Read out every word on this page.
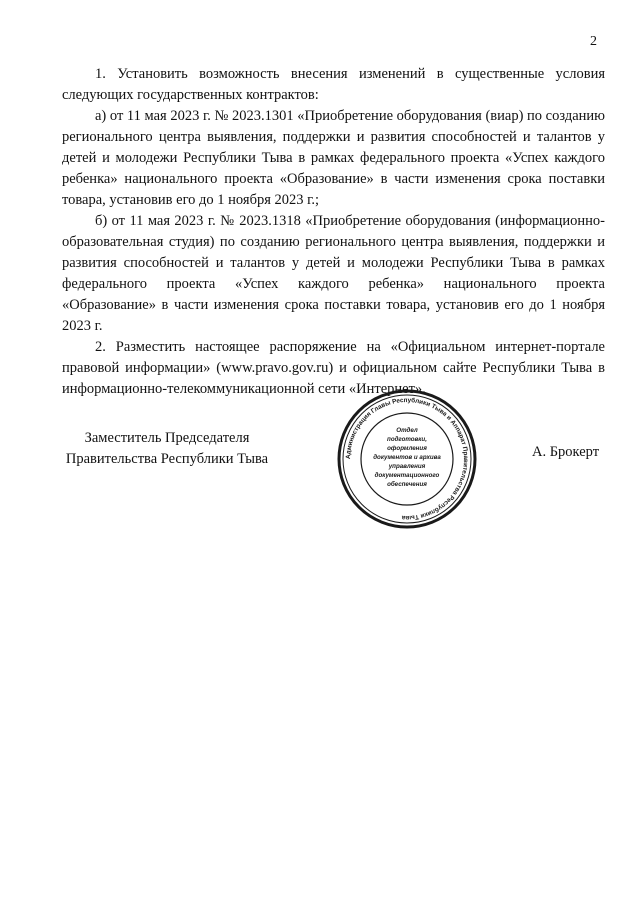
2

1. Установить возможность внесения изменений в существенные условия следующих государственных контрактов:

а) от 11 мая 2023 г. № 2023.1301 «Приобретение оборудования (виар) по созданию регионального центра выявления, поддержки и развития способностей и талантов у детей и молодежи Республики Тыва в рамках федерального проекта «Успех каждого ребенка» национального проекта «Образование» в части изменения срока поставки товара, установив его до 1 ноября 2023 г.;

б) от 11 мая 2023 г. № 2023.1318 «Приобретение оборудования (информационно-образовательная студия) по созданию регионального центра выявления, поддержки и развития способностей и талантов у детей и молодежи Республики Тыва в рамках федерального проекта «Успех каждого ребенка» национального проекта «Образование» в части изменения срока поставки товара, установив его до 1 ноября 2023 г.

2. Разместить настоящее распоряжение на «Официальном интернет-портале правовой информации» (www.pravo.gov.ru) и официальном сайте Республики Тыва в информационно-телекоммуникационной сети «Интернет».

Заместитель Председателя
Правительства Республики Тыва	Администрация Главы Республики Тыва и Аппарат Правительства Республики Тыва
Отдел
подготовки,
оформления
документов и архива
управления
документационного
обеспечения
А. Брокерт
